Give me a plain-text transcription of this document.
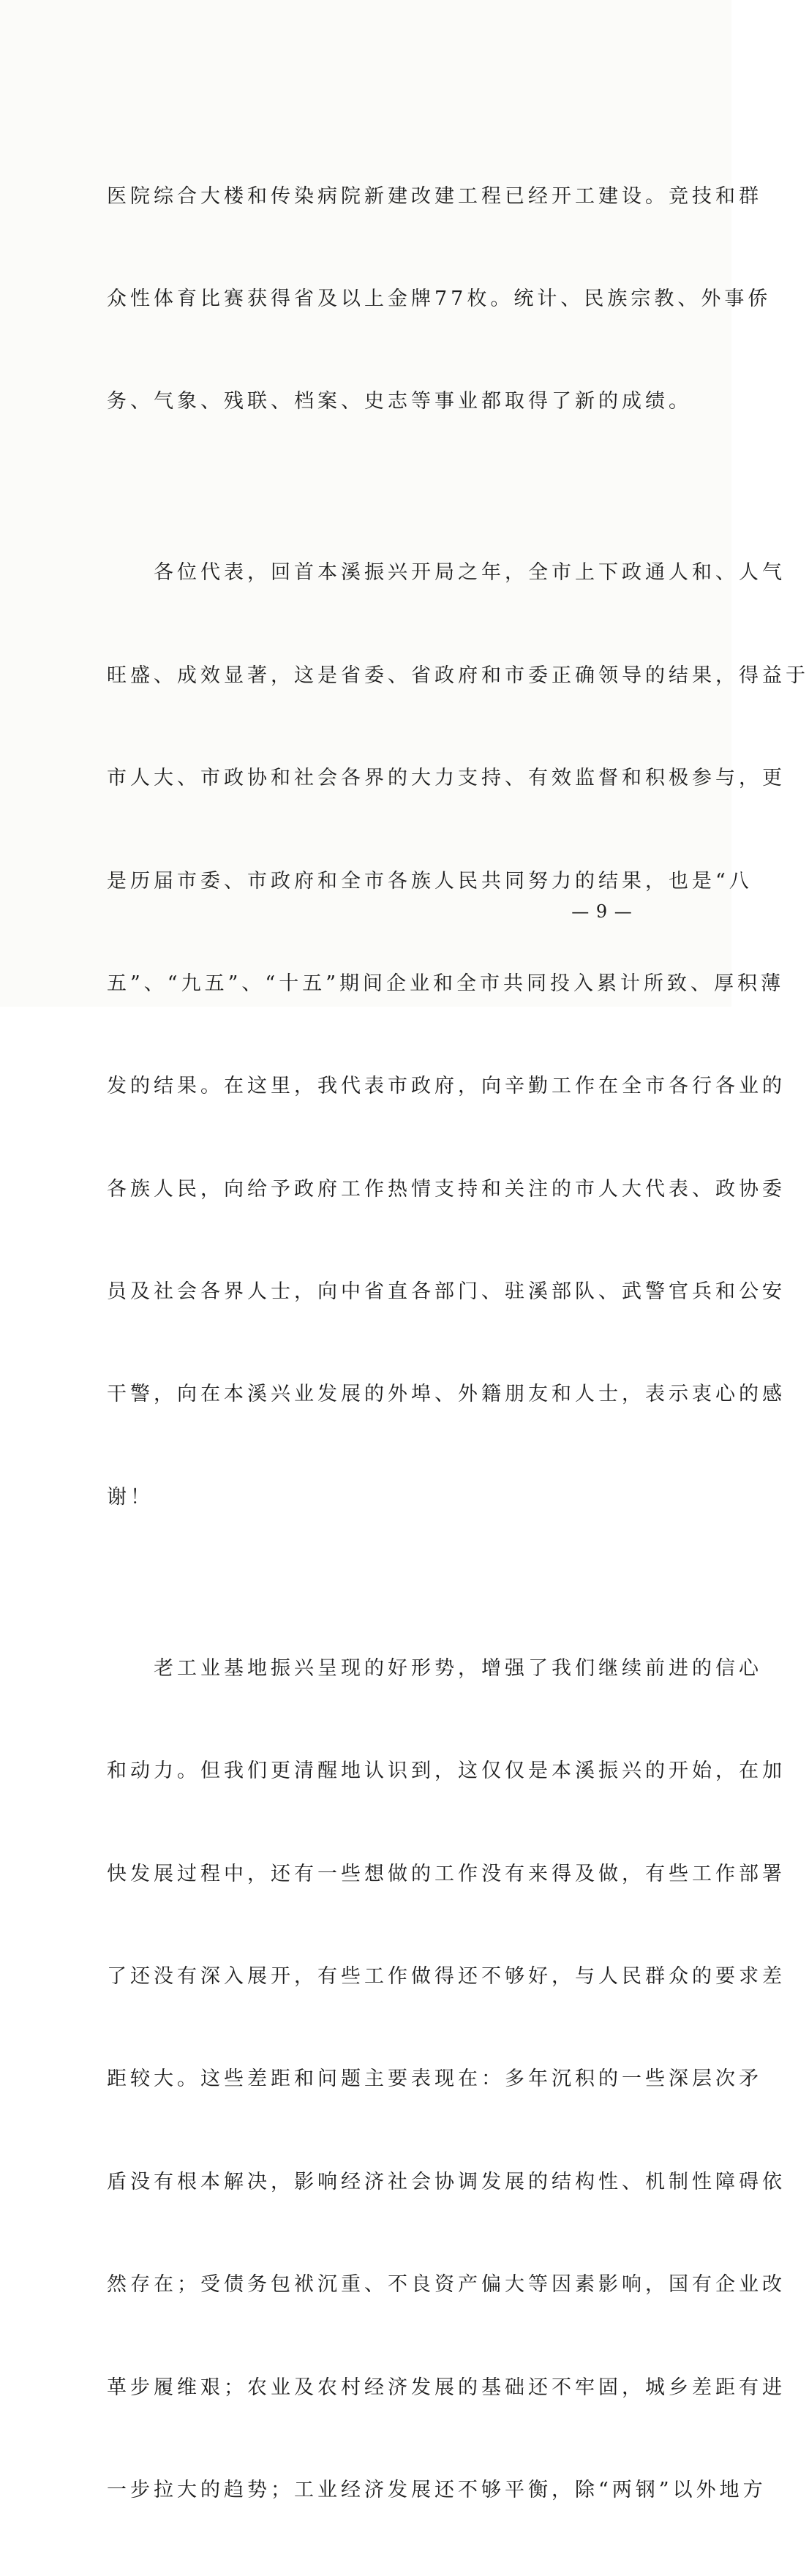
医院综合大楼和传染病院新建改建工程已经开工建设。竞技和群

众性体育比赛获得省及以上金牌77枚。统计、民族宗教、外事侨

务、气象、残联、档案、史志等事业都取得了新的成绩。

　　各位代表，回首本溪振兴开局之年，全市上下政通人和、人气

旺盛、成效显著，这是省委、省政府和市委正确领导的结果，得益于

市人大、市政协和社会各界的大力支持、有效监督和积极参与，更

是历届市委、市政府和全市各族人民共同努力的结果，也是“八

五”、“九五”、“十五”期间企业和全市共同投入累计所致、厚积薄

发的结果。在这里，我代表市政府，向辛勤工作在全市各行各业的

各族人民，向给予政府工作热情支持和关注的市人大代表、政协委

员及社会各界人士，向中省直各部门、驻溪部队、武警官兵和公安

干警，向在本溪兴业发展的外埠、外籍朋友和人士，表示衷心的感

谢！

　　老工业基地振兴呈现的好形势，增强了我们继续前进的信心

和动力。但我们更清醒地认识到，这仅仅是本溪振兴的开始，在加

快发展过程中，还有一些想做的工作没有来得及做，有些工作部署

了还没有深入展开，有些工作做得还不够好，与人民群众的要求差

距较大。这些差距和问题主要表现在：多年沉积的一些深层次矛

盾没有根本解决，影响经济社会协调发展的结构性、机制性障碍依

然存在；受债务包袱沉重、不良资产偏大等因素影响，国有企业改

革步履维艰；农业及农村经济发展的基础还不牢固，城乡差距有进

一步拉大的趋势；工业经济发展还不够平衡，除“两钢”以外地方

— 9 —
